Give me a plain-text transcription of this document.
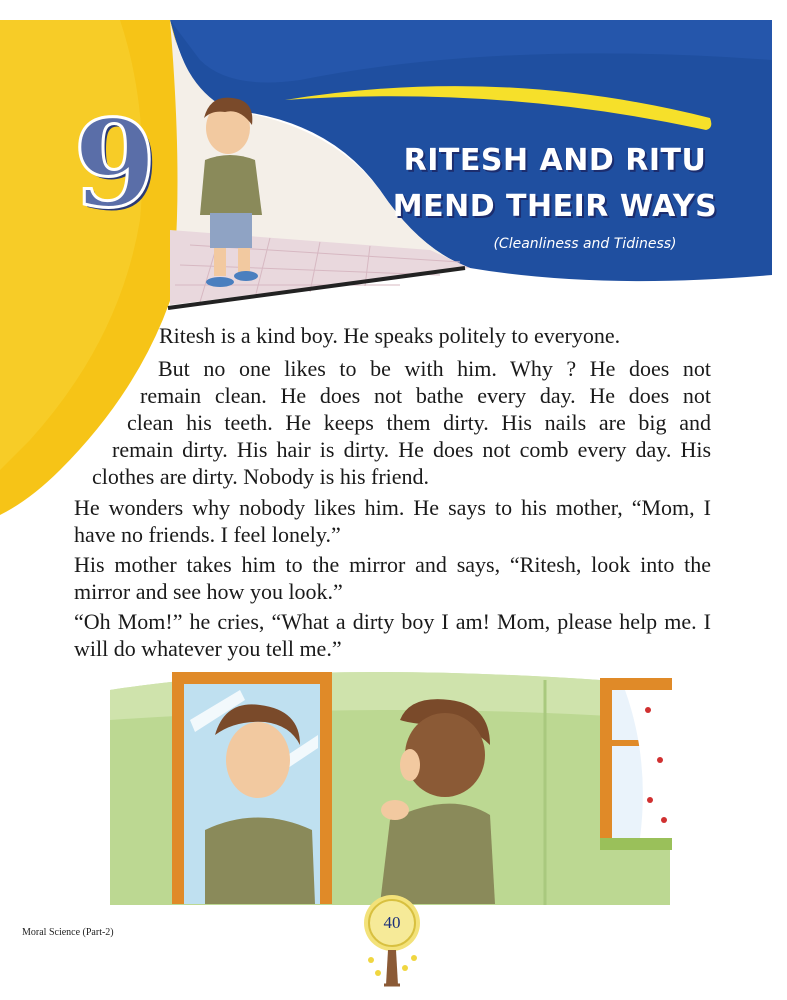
9	RITESH AND RITU
MEND THEIR WAYS
(Cleanliness and Tidiness)

Ritesh is a kind boy. He speaks politely to everyone.

But no one likes to be with him. Why ? He does not

remain clean. He does not bathe every day. He does not

clean his teeth. He keeps them dirty. His nails are big and

remain dirty. His hair is dirty. He does not comb every day. His

clothes are dirty. Nobody is his friend.

He wonders why nobody likes him. He says to his mother, “Mom, I have no friends. I feel lonely.”

His mother takes him to the mirror and says, “Ritesh, look into the mirror and see how you look.”

“Oh Mom!” he cries, “What a dirty boy I am! Mom, please help me. I will do whatever you tell me.”

Moral Science (Part-2)
40
